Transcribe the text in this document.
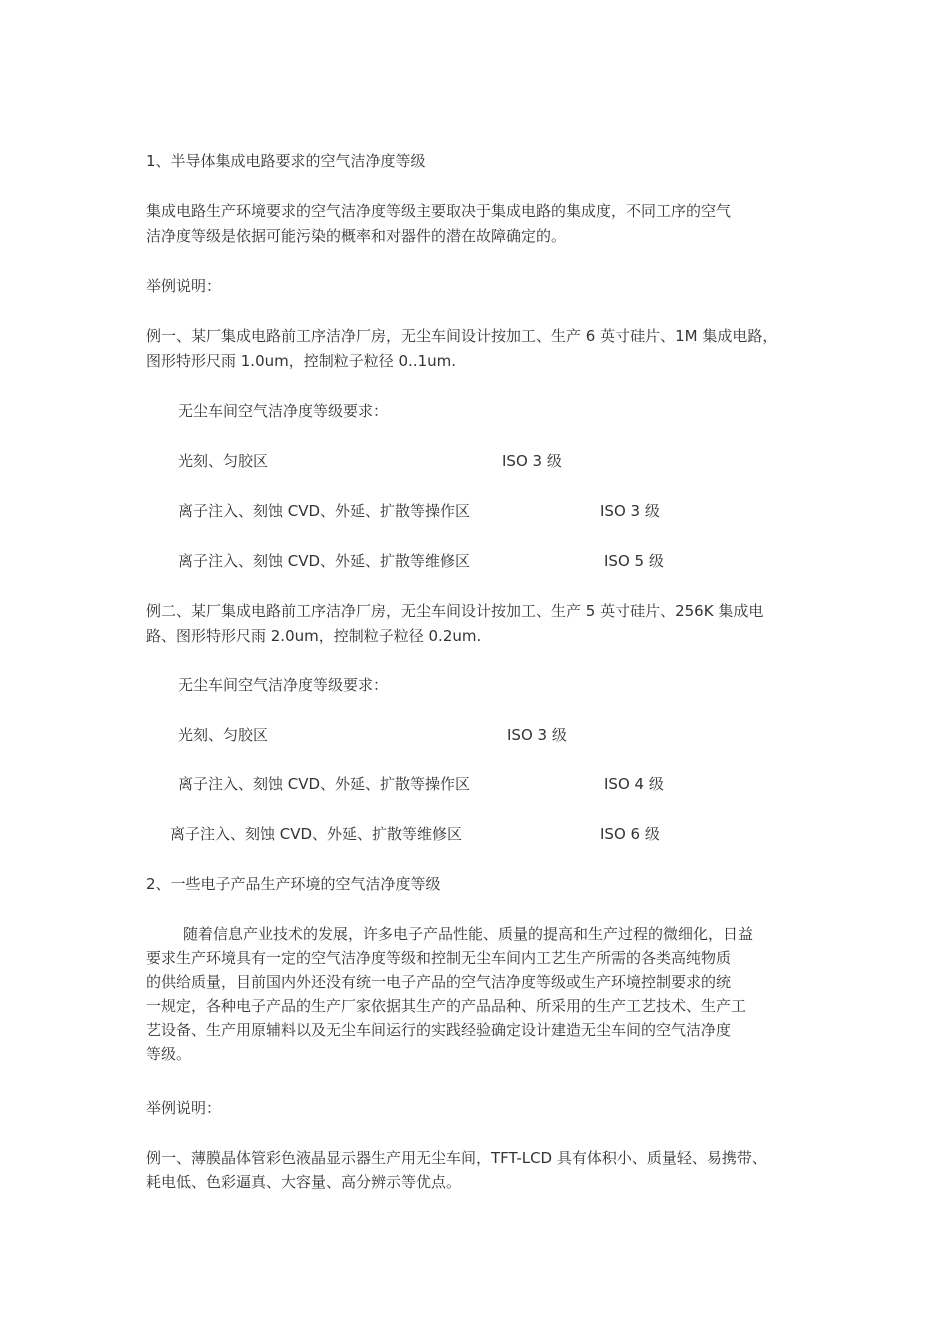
1、半导体集成电路要求的空气洁净度等级
集成电路生产环境要求的空气洁净度等级主要取决于集成电路的集成度，不同工序的空气
洁净度等级是依据可能污染的概率和对器件的潜在故障确定的。
举例说明：
例一、某厂集成电路前工序洁净厂房，无尘车间设计按加工、生产 6 英寸硅片、1M 集成电路，
图形特形尺雨 1.0um，控制粒子粒径 0..1um.
无尘车间空气洁净度等级要求：
光刻、匀胶区	ISO 3 级
离子注入、刻蚀 CVD、外延、扩散等操作区	ISO 3 级
离子注入、刻蚀 CVD、外延、扩散等维修区	ISO 5 级
例二、某厂集成电路前工序洁净厂房，无尘车间设计按加工、生产 5 英寸硅片、256K 集成电
路、图形特形尺雨 2.0um，控制粒子粒径 0.2um.
无尘车间空气洁净度等级要求：
光刻、匀胶区	ISO 3 级
离子注入、刻蚀 CVD、外延、扩散等操作区	ISO 4 级
离子注入、刻蚀 CVD、外延、扩散等维修区	ISO 6 级
2、一些电子产品生产环境的空气洁净度等级
随着信息产业技术的发展，许多电子产品性能、质量的提高和生产过程的微细化，日益
要求生产环境具有一定的空气洁净度等级和控制无尘车间内工艺生产所需的各类高纯物质
的供给质量，目前国内外还没有统一电子产品的空气洁净度等级或生产环境控制要求的统
一规定，各种电子产品的生产厂家依据其生产的产品品种、所采用的生产工艺技术、生产工
艺设备、生产用原辅料以及无尘车间运行的实践经验确定设计建造无尘车间的空气洁净度
等级。
举例说明：
例一、薄膜晶体管彩色液晶显示器生产用无尘车间，TFT-LCD 具有体积小、质量轻、易携带、
耗电低、色彩逼真、大容量、高分辨示等优点。
